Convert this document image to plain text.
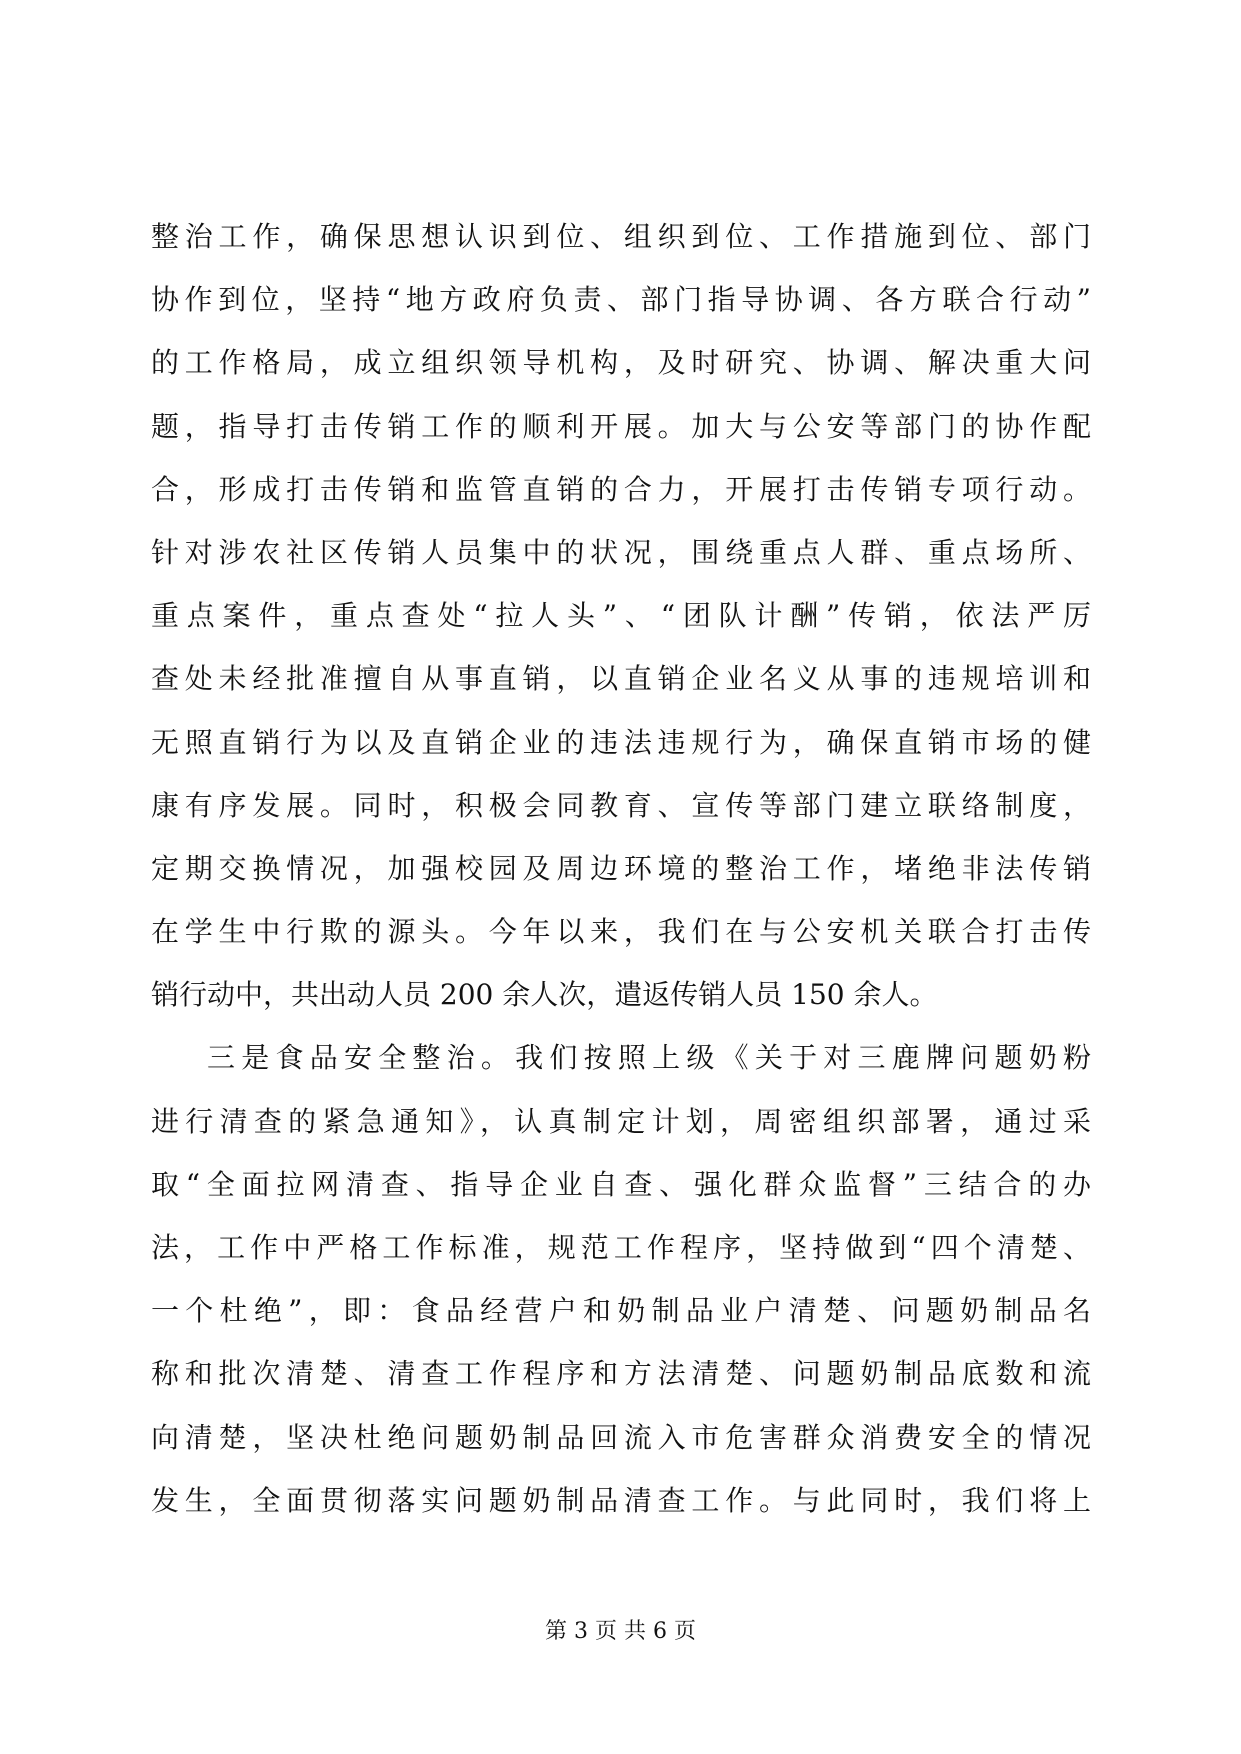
整治工作，确保思想认识到位、组织到位、工作措施到位、部门
协作到位，坚持“地方政府负责、部门指导协调、各方联合行动”
的工作格局，成立组织领导机构，及时研究、协调、解决重大问
题，指导打击传销工作的顺利开展。加大与公安等部门的协作配
合，形成打击传销和监管直销的合力，开展打击传销专项行动。
针对涉农社区传销人员集中的状况，围绕重点人群、重点场所、
重点案件，重点查处“拉人头”、“团队计酬”传销，依法严厉
查处未经批准擅自从事直销，以直销企业名义从事的违规培训和
无照直销行为以及直销企业的违法违规行为，确保直销市场的健
康有序发展。同时，积极会同教育、宣传等部门建立联络制度，
定期交换情况，加强校园及周边环境的整治工作，堵绝非法传销
在学生中行欺的源头。今年以来，我们在与公安机关联合打击传
销行动中，共出动人员 200 余人次，遣返传销人员 150 余人。
三是食品安全整治。我们按照上级《关于对三鹿牌问题奶粉
进行清查的紧急通知》，认真制定计划，周密组织部署，通过采
取“全面拉网清查、指导企业自查、强化群众监督”三结合的办
法，工作中严格工作标准，规范工作程序，坚持做到“四个清楚、
一个杜绝”，即：食品经营户和奶制品业户清楚、问题奶制品名
称和批次清楚、清查工作程序和方法清楚、问题奶制品底数和流
向清楚，坚决杜绝问题奶制品回流入市危害群众消费安全的情况
发生，全面贯彻落实问题奶制品清查工作。与此同时，我们将上
第 3 页 共 6 页
